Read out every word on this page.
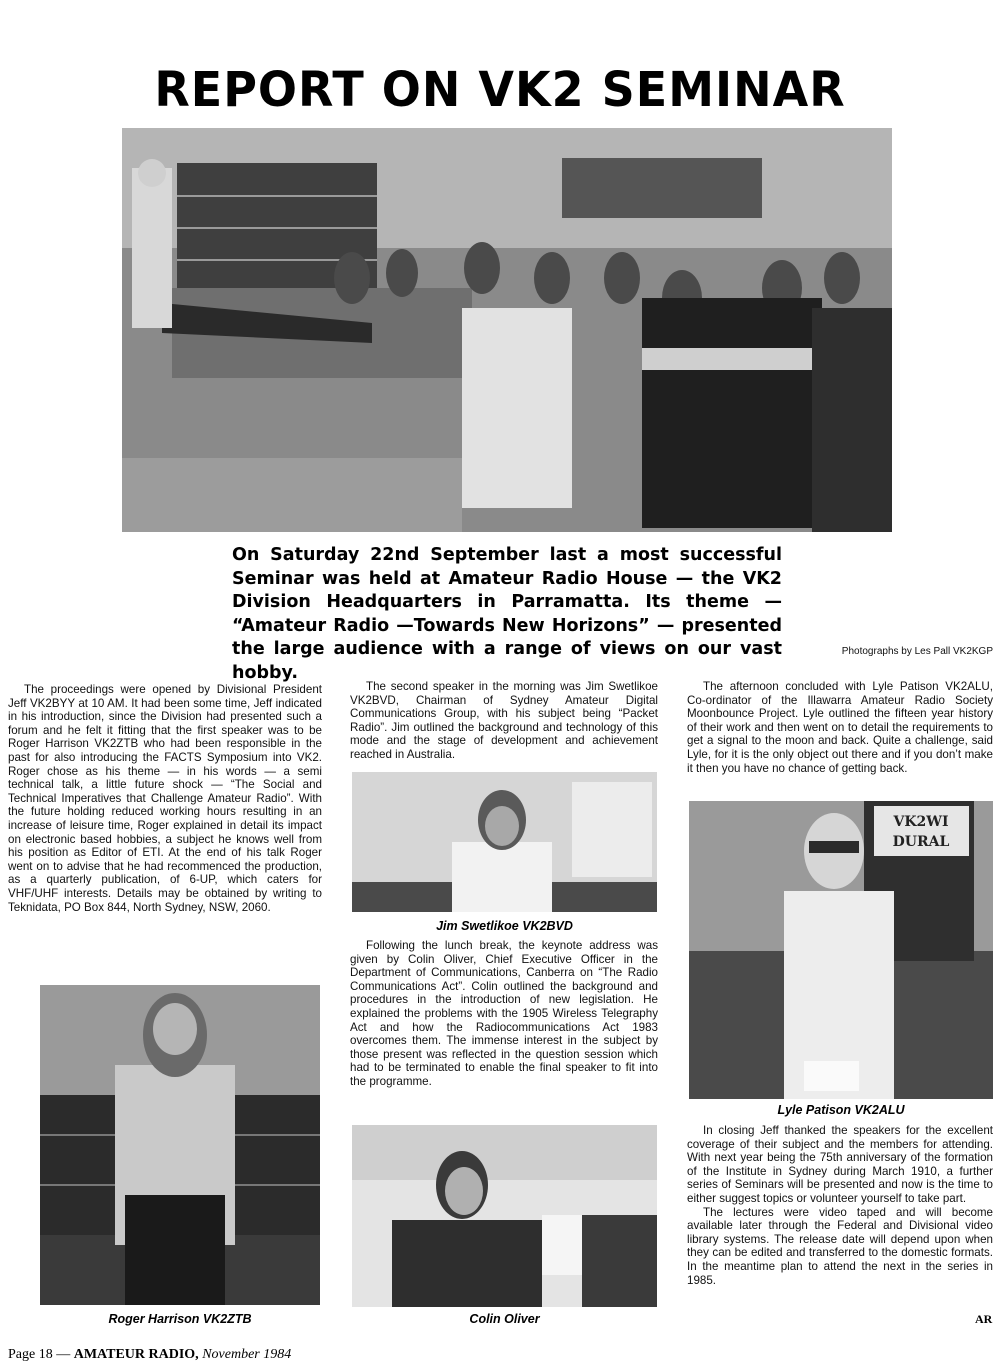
REPORT ON VK2 SEMINAR
On Saturday 22nd September last a most successful Seminar was held at Amateur Radio House — the VK2 Division Headquarters in Parramatta. Its theme — “Amateur Radio —Towards New Horizons” — presented the large audience with a range of views on our vast hobby.
Photographs by Les Pall VK2KGP

The proceedings were opened by Divisional President Jeff VK2BYY at 10 AM. It had been some time, Jeff indicated in his introduction, since the Division had presented such a forum and he felt it fitting that the first speaker was to be Roger Harrison VK2ZTB who had been responsible in the past for also introducing the FACTS Symposium into VK2. Roger chose as his theme — in his words — a semi technical talk, a little future shock — “The Social and Technical Imperatives that Challenge Amateur Radio”. With the future holding reduced working hours resulting in an increase of leisure time, Roger explained in detail its impact on electronic based hobbies, a subject he knows well from his position as Editor of ETI. At the end of his talk Roger went on to advise that he had recommenced the production, as a quarterly publication, of 6-UP, which caters for VHF/UHF interests. Details may be obtained by writing to Teknidata, PO Box 844, North Sydney, NSW, 2060.

Roger Harrison VK2ZTB

The second speaker in the morning was Jim Swetlikoe VK2BVD, Chairman of Sydney Amateur Digital Communications Group, with his subject being “Packet Radio”. Jim outlined the background and technology of this mode and the stage of development and achievement reached in Australia.

Jim Swetlikoe VK2BVD

Following the lunch break, the keynote address was given by Colin Oliver, Chief Executive Officer in the Department of Communications, Canberra on “The Radio Communications Act”. Colin outlined the background and procedures in the introduction of new legislation. He explained the problems with the 1905 Wireless Telegraphy Act and how the Radiocommunications Act 1983 overcomes them. The immense interest in the subject by those present was reflected in the question session which had to be terminated to enable the final speaker to fit into the programme.

Colin Oliver

The afternoon concluded with Lyle Patison VK2ALU, Co-ordinator of the Illawarra Amateur Radio Society Moonbounce Project. Lyle outlined the fifteen year history of their work and then went on to detail the requirements to get a signal to the moon and back. Quite a challenge, said Lyle, for it is the only object out there and if you don’t make it then you have no chance of getting back.

VK2WI
DURAL
Lyle Patison VK2ALU

In closing Jeff thanked the speakers for the excellent coverage of their subject and the members for attending. With next year being the 75th anniversary of the formation of the Institute in Sydney during March 1910, a further series of Seminars will be presented and now is the time to either suggest topics or volunteer yourself to take part.

The lectures were video taped and will become available later through the Federal and Divisional video library systems. The release date will depend upon when they can be edited and transferred to the domestic formats. In the meantime plan to attend the next in the series in 1985.

AR
Page 18 — AMATEUR RADIO, November 1984
